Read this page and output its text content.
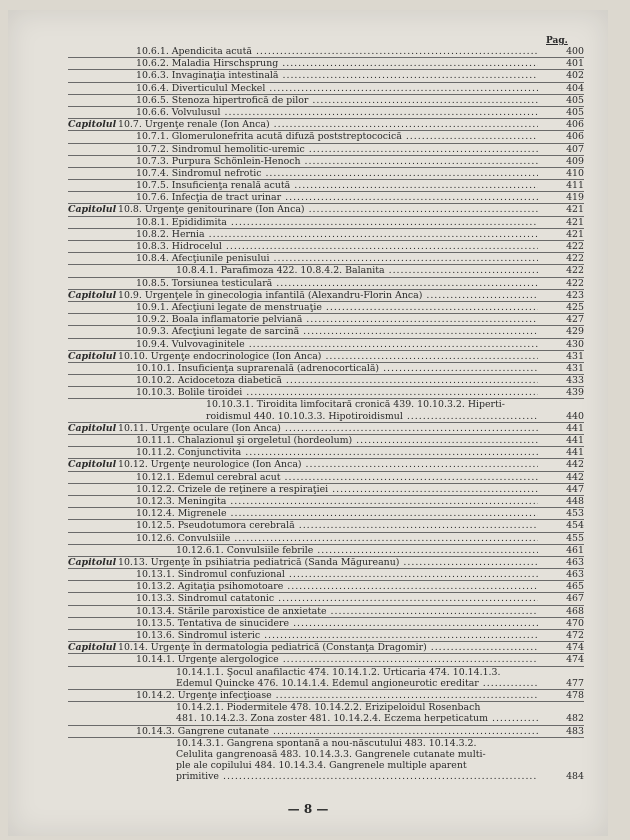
Pag.
10.6.1. Apendicita acută .....	400
10.6.2. Maladia Hirschsprung .....	401
10.6.3. Invaginaţia intestinală .....	402
10.6.4. Diverticulul Meckel .....	404
10.6.5. Stenoza hipertrofică de pilor .....	405
10.6.6. Volvulusul .....	405
Capitolul 10.7. Urgenţe renale (Ion Anca) .....	406
10.7.1. Glomerulonefrita acută difuză poststreptococică .....	406
10.7.2. Sindromul hemolitic-uremic .....	407
10.7.3. Purpura Schönlein-Henoch .....	409
10.7.4. Sindromul nefrotic .....	410
10.7.5. Insuficienţa renală acută .....	411
10.7.6. Infecţia de tract urinar .....	419
Capitolul 10.8. Urgenţe genitourinare (Ion Anca) .....	421
10.8.1. Epididimita .....	421
10.8.2. Hernia .....	421
10.8.3. Hidrocelul .....	422
10.8.4. Afecţiunile penisului .....	422
10.8.4.1. Parafimoza 422. 10.8.4.2. Balanita .....	422
10.8.5. Torsiunea testiculară .....	422
Capitolul 10.9. Urgenţele în ginecologia infantilă (Alexandru-Florin Anca) .....	423
10.9.1. Afecţiuni legate de menstruaţie .....	425
10.9.2. Boala inflamatorie pelviană .....	427
10.9.3. Afecţiuni legate de sarcină .....	429
10.9.4. Vulvovaginitele .....	430
Capitolul 10.10. Urgenţe endocrinologice (Ion Anca) .....	431
10.10.1. Insuficienţa suprarenală (adrenocorticală) .....	431
10.10.2. Acidocetoza diabetică .....	433
10.10.3. Bolile tiroidei .....	439
10.10.3.1. Tiroidita limfocitară cronică 439. 10.10.3.2. Hiperti-
roidismul 440. 10.10.3.3. Hipotiroidismul .....	440
Capitolul 10.11. Urgenţe oculare (Ion Anca) .....	441
10.11.1. Chalazionul şi orgeletul (hordeolum) .....	441
10.11.2. Conjunctivita .....	441
Capitolul 10.12. Urgenţe neurologice (Ion Anca) .....	442
10.12.1. Edemul cerebral acut .....	442
10.12.2. Crizele de reţinere a respiraţiei .....	447
10.12.3. Meningita .....	448
10.12.4. Migrenele .....	453
10.12.5. Pseudotumora cerebrală .....	454
10.12.6. Convulsiile .....	455
10.12.6.1. Convulsiile febrile .....	461
Capitolul 10.13. Urgenţe în psihiatria pediatrică (Sanda Măgureanu) .....	463
10.13.1. Sindromul confuzional .....	463
10.13.2. Agitaţia psihomotoare .....	465
10.13.3. Sindromul catatonic .....	467
10.13.4. Stările paroxistice de anxietate .....	468
10.13.5. Tentativa de sinucidere .....	470
10.13.6. Sindromul isteric .....	472
Capitolul 10.14. Urgenţe în dermatologia pediatrică (Constanţa Dragomir) .....	474
10.14.1. Urgenţe alergologice .....	474
10.14.1.1. Şocul anafilactic 474. 10.14.1.2. Urticaria 474. 10.14.1.3.
Edemul Quincke 476. 10.14.1.4. Edemul angioneurotic ereditar .....	477
10.14.2. Urgenţe infecţioase .....	478
10.14.2.1. Piodermitele 478. 10.14.2.2. Erizipeloidul Rosenbach
481. 10.14.2.3. Zona zoster 481. 10.14.2.4. Eczema herpeticatum .....	482
10.14.3. Gangrene cutanate .....	483
10.14.3.1. Gangrena spontană a nou-născutului 483. 10.14.3.2.
Celulita gangrenoasă 483. 10.14.3.3. Gangrenele cutanate multi-
ple ale copilului 484. 10.14.3.4. Gangrenele multiple aparent
primitive .....	484
— 8 —
